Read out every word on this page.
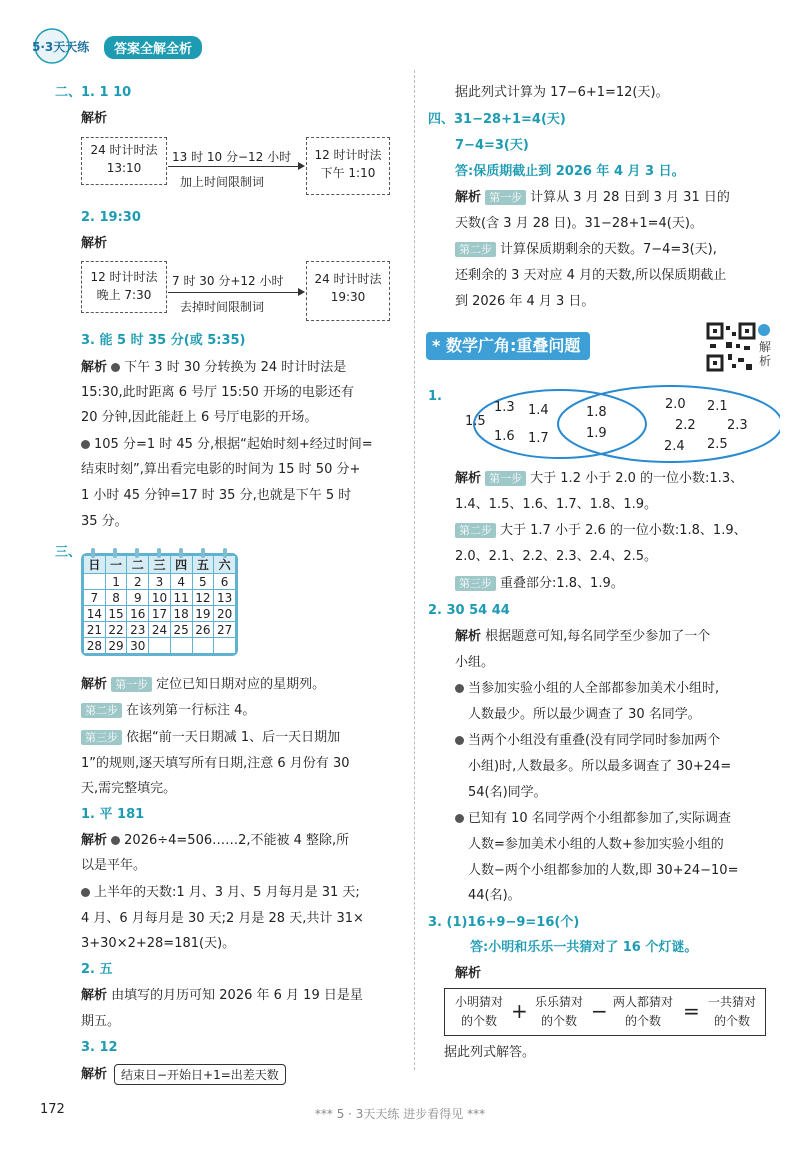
5·3天天练	答案全解全析
二、1. 1 10
解析
24 时计时法
13:10
13 时 10 分−12 小时
加上时间限制词
12 时计时法
下午 1:10
2. 19:30
解析
12 时计时法
晚上 7:30
7 时 30 分+12 小时
去掉时间限制词
24 时计时法
19:30
3. 能 5 时 35 分(或 5:35)
解析 下午 3 时 30 分转换为 24 时计时法是
15:30,此时距离 6 号厅 15:50 开场的电影还有
20 分钟,因此能赶上 6 号厅电影的开场。
105 分=1 时 45 分,根据“起始时刻+经过时间=
结束时刻”,算出看完电影的时间为 15 时 50 分+
1 小时 45 分钟=17 时 35 分,也就是下午 5 时
35 分。
三、
日	一	二	三	四	五	六
	1	2	3	4	5	6
7	8	9	10	11	12	13
14	15	16	17	18	19	20
21	22	23	24	25	26	27
28	29	30				
解析 第一步 定位已知日期对应的星期列。
第二步 在该列第一行标注 4。
第三步 依据“前一天日期减 1、后一天日期加
1”的规则,逐天填写所有日期,注意 6 月份有 30
天,需完整填完。
1. 平 181
解析 2026÷4=506……2,不能被 4 整除,所
以是平年。
上半年的天数:1 月、3 月、5 月每月是 31 天;
4 月、6 月每月是 30 天;2 月是 28 天,共计 31×
3+30×2+28=181(天)。
2. 五
解析 由填写的月历可知 2026 年 6 月 19 日是星
期五。
3. 12
解析	结束日−开始日+1=出差天数
172
据此列式计算为 17−6+1=12(天)。
四、31−28+1=4(天)
7−4=3(天)
答:保质期截止到 2026 年 4 月 3 日。
解析 第一步 计算从 3 月 28 日到 3 月 31 日的
天数(含 3 月 28 日)。31−28+1=4(天)。
第二步 计算保质期剩余的天数。7−4=3(天),
还剩余的 3 天对应 4 月的天数,所以保质期截止
到 2026 年 4 月 3 日。
* 数学广角:重叠问题	解析
1.
1.3 1.4
1.5
1.6 1.7
1.8
1.9
2.0 2.1
2.2 2.3
2.4 2.5
解析 第一步 大于 1.2 小于 2.0 的一位小数:1.3、
1.4、1.5、1.6、1.7、1.8、1.9。
第二步 大于 1.7 小于 2.6 的一位小数:1.8、1.9、
2.0、2.1、2.2、2.3、2.4、2.5。
第三步 重叠部分:1.8、1.9。
2. 30 54 44
解析 根据题意可知,每名同学至少参加了一个
小组。
当参加实验小组的人全部都参加美术小组时,
人数最少。所以最少调查了 30 名同学。
当两个小组没有重叠(没有同学同时参加两个
小组)时,人数最多。所以最多调查了 30+24=
54(名)同学。
已知有 10 名同学两个小组都参加了,实际调查
人数=参加美术小组的人数+参加实验小组的
人数−两个小组都参加的人数,即 30+24−10=
44(名)。
3. (1)16+9−9=16(个)
答:小明和乐乐一共猜对了 16 个灯谜。
解析
小明猜对
的个数 + 乐乐猜对
的个数 − 两人都猜对
的个数	= 一共猜对
的个数
据此列式解答。
*** 5 · 3天天练 进步看得见 ***
